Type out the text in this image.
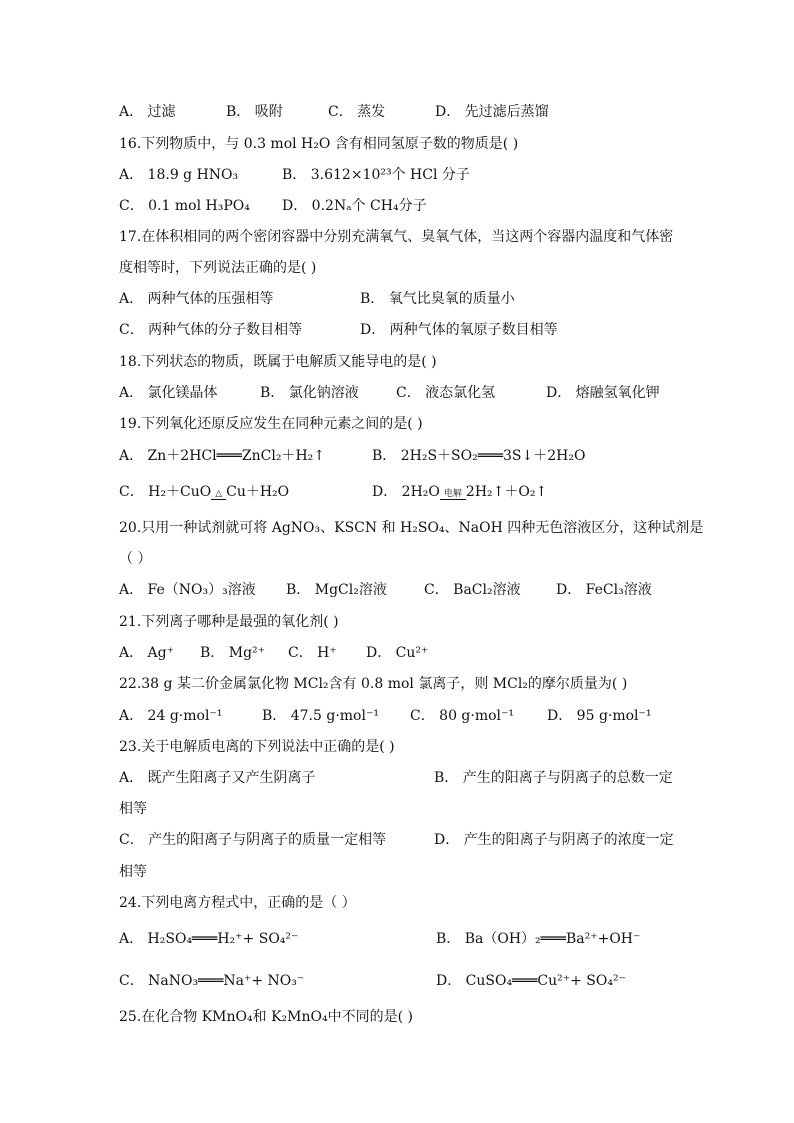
A． 过滤	B． 吸附	C． 蒸发	D． 先过滤后蒸馏
16.下列物质中，与 0.3 mol H₂O 含有相同氢原子数的物质是( )
A． 18.9 g HNO₃	B． 3.612×10²³个 HCl 分子
C． 0.1 mol H₃PO₄ D． 0.2Nₐ个 CH₄分子
17.在体积相同的两个密闭容器中分别充满氧气、臭氧气体，当这两个容器内温度和气体密
度相等时，下列说法正确的是( )
A． 两种气体的压强相等	B． 氧气比臭氧的质量小
C． 两种气体的分子数目相等	D． 两种气体的氧原子数目相等
18.下列状态的物质，既属于电解质又能导电的是( )
A． 氯化镁晶体	B． 氯化钠溶液	C． 液态氯化氢	D． 熔融氢氧化钾
19.下列氧化还原反应发生在同种元素之间的是( )
A． Zn＋2HCl═══ZnCl₂＋H₂↑	B． 2H₂S＋SO₂═══3S↓＋2H₂O
C． H₂＋CuO △ Cu＋H₂O	D． 2H₂O 电解 2H₂↑＋O₂↑
20.只用一种试剂就可将 AgNO₃、KSCN 和 H₂SO₄、NaOH 四种无色溶液区分，这种试剂是
（ ）
A． Fe（NO₃）₃溶液 B． MgCl₂溶液	C． BaCl₂溶液	D． FeCl₃溶液
21.下列离子哪种是最强的氧化剂( )
A． Ag⁺ B． Mg²⁺ C． H⁺ D． Cu²⁺
22.38 g 某二价金属氯化物 MCl₂含有 0.8 mol 氯离子，则 MCl₂的摩尔质量为( )
A． 24 g·mol⁻¹	B． 47.5 g·mol⁻¹ C． 80 g·mol⁻¹ D． 95 g·mol⁻¹
23.关于电解质电离的下列说法中正确的是( )
A． 既产生阳离子又产生阴离子	B． 产生的阳离子与阴离子的总数一定
相等
C． 产生的阳离子与阴离子的质量一定相等	D． 产生的阳离子与阴离子的浓度一定
相等
24.下列电离方程式中，正确的是（ ）
A． H₂SO₄═══H₂⁺+ SO₄²⁻	B． Ba（OH）₂═══Ba²⁺+OH⁻
C． NaNO₃═══Na⁺+ NO₃⁻	D． CuSO₄═══Cu²⁺+ SO₄²⁻
25.在化合物 KMnO₄和 K₂MnO₄中不同的是( )
